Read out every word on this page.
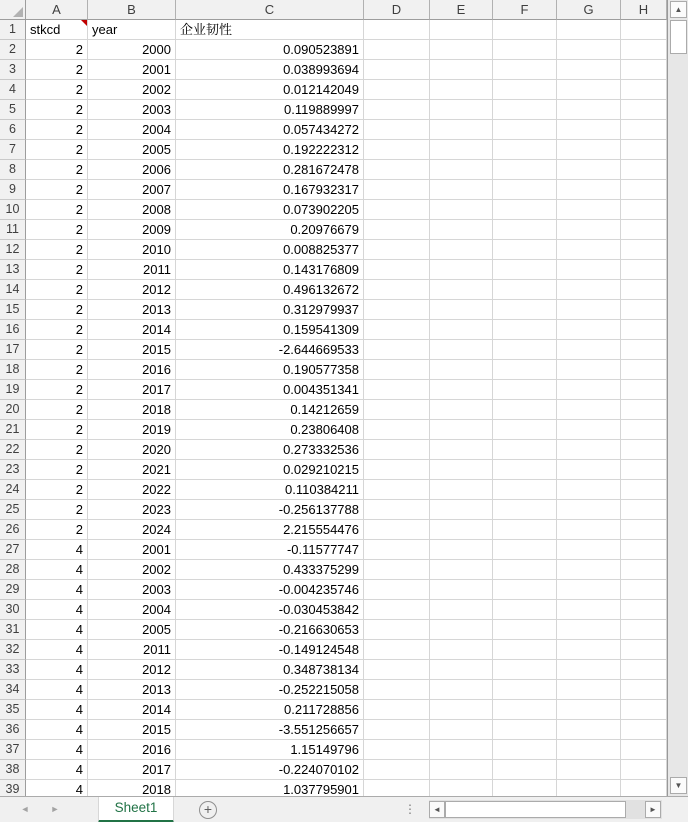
A	B	C	D	E	F	G	H
1	stkcd	year	企业韧性
2	2	2000	0.090523891
3	2	2001	0.038993694
4	2	2002	0.012142049
5	2	2003	0.119889997
6	2	2004	0.057434272
7	2	2005	0.192222312
8	2	2006	0.281672478
9	2	2007	0.167932317
10	2	2008	0.073902205
11	2	2009	0.20976679
12	2	2010	0.008825377
13	2	2011	0.143176809
14	2	2012	0.496132672
15	2	2013	0.312979937
16	2	2014	0.159541309
17	2	2015	-2.644669533
18	2	2016	0.190577358
19	2	2017	0.004351341
20	2	2018	0.14212659
21	2	2019	0.23806408
22	2	2020	0.273332536
23	2	2021	0.029210215
24	2	2022	0.110384211
25	2	2023	-0.256137788
26	2	2024	2.215554476
27	4	2001	-0.11577747
28	4	2002	0.433375299
29	4	2003	-0.004235746
30	4	2004	-0.030453842
31	4	2005	-0.216630653
32	4	2011	-0.149124548
33	4	2012	0.348738134
34	4	2013	-0.252215058
35	4	2014	0.211728856
36	4	2015	-3.551256657
37	4	2016	1.15149796
38	4	2017	-0.224070102
39	4	2018	1.037795901
▲
▼
◄ ►	Sheet1	+	⋮	◄	►
